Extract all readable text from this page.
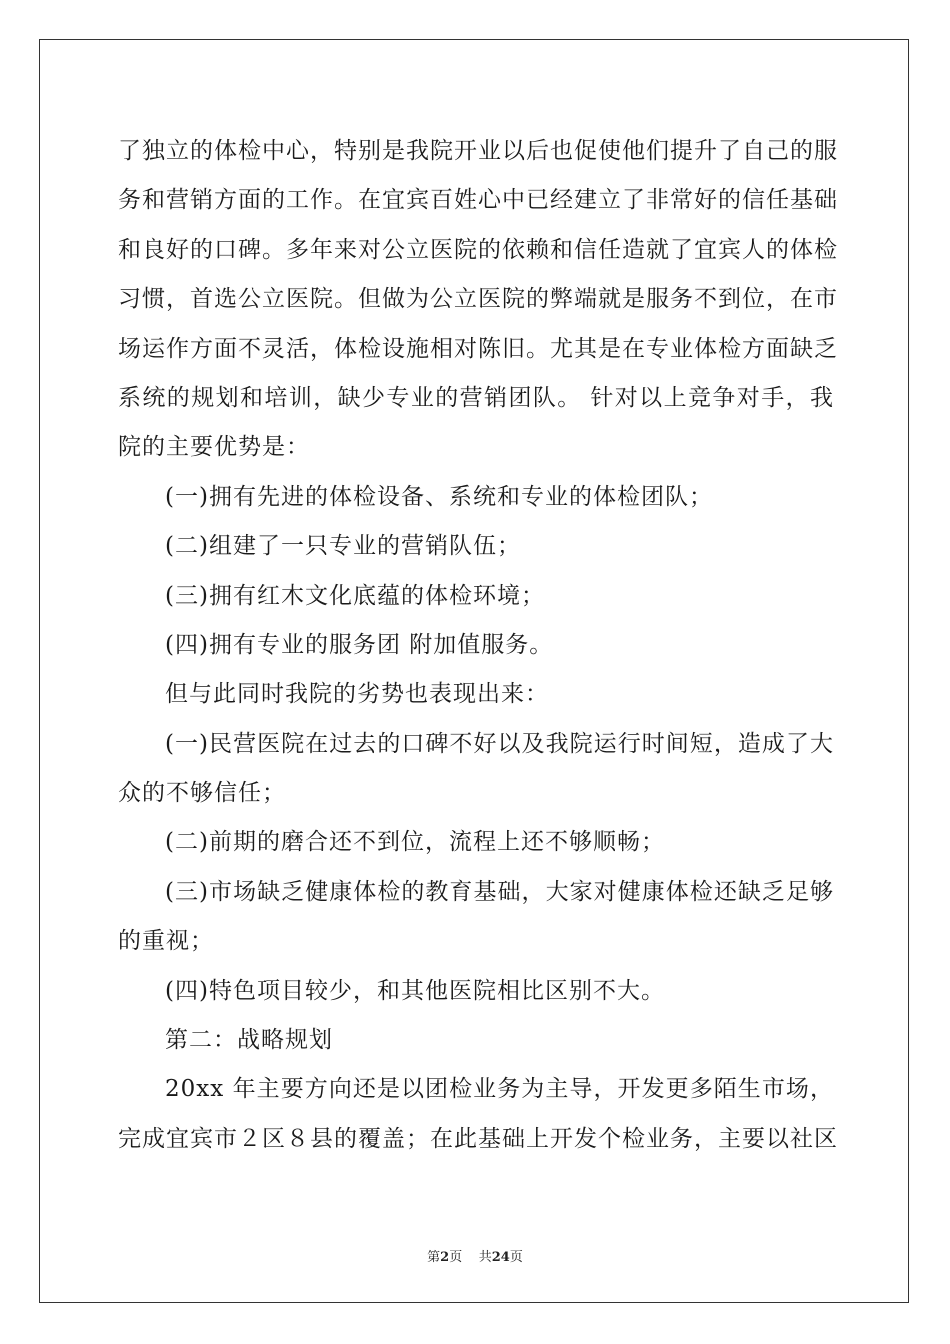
了独立的体检中心，特别是我院开业以后也促使他们提升了自己的服
务和营销方面的工作。在宜宾百姓心中已经建立了非常好的信任基础
和良好的口碑。多年来对公立医院的依赖和信任造就了宜宾人的体检
习惯，首选公立医院。但做为公立医院的弊端就是服务不到位，在市
场运作方面不灵活，体检设施相对陈旧。尤其是在专业体检方面缺乏
系统的规划和培训，缺少专业的营销团队。 针对以上竞争对手，我
院的主要优势是：
(一)拥有先进的体检设备、系统和专业的体检团队；
(二)组建了一只专业的营销队伍；
(三)拥有红木文化底蕴的体检环境；
(四)拥有专业的服务团 附加值服务。
但与此同时我院的劣势也表现出来：
(一)民营医院在过去的口碑不好以及我院运行时间短，造成了大
众的不够信任；
(二)前期的磨合还不到位，流程上还不够顺畅；
(三)市场缺乏健康体检的教育基础，大家对健康体检还缺乏足够
的重视；
(四)特色项目较少，和其他医院相比区别不大。
第二：战略规划
20xx 年主要方向还是以团检业务为主导，开发更多陌生市场，
完成宜宾市２区８县的覆盖；在此基础上开发个检业务，主要以社区
第2页 共24页
